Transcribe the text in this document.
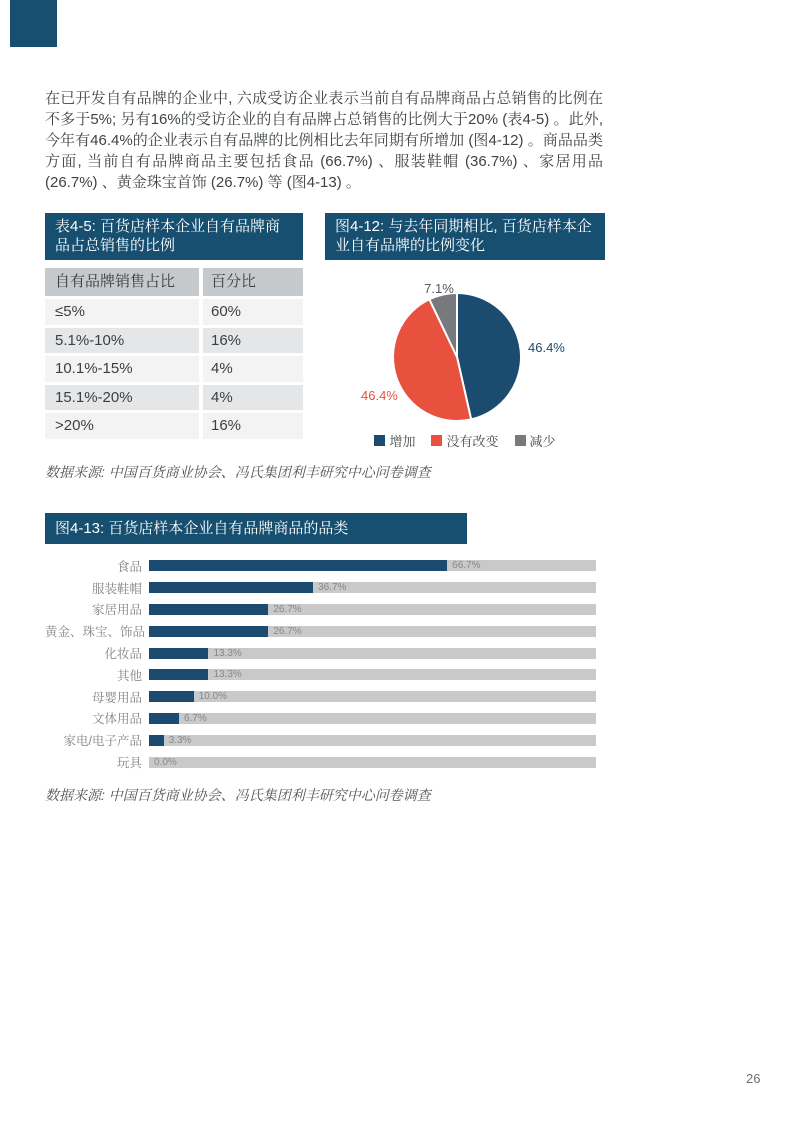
在已开发自有品牌的企业中, 六成受访企业表示当前自有品牌商品占总销售的比例在不多于5%; 另有16%的受访企业的自有品牌占总销售的比例大于20% (表4-5) 。此外, 今年有46.4%的企业表示自有品牌的比例相比去年同期有所增加 (图4-12) 。商品品类方面, 当前自有品牌商品主要包括食品 (66.7%) 、服装鞋帽 (36.7%) 、家居用品 (26.7%) 、黄金珠宝首饰 (26.7%) 等 (图4-13) 。

表4-5: 百货店样本企业自有品牌商品占总销售的比例
自有品牌销售占比	百分比
≤5%	60%
5.1%-10%	16%
10.1%-15%	4%
15.1%-20%	4%
>20%	16%
图4-12: 与去年同期相比, 百货店样本企业自有品牌的比例变化
7.1%
46.4%
46.4%
增加 没有改变 减少

数据来源: 中国百货商业协会、冯氏集团利丰研究中心问卷调查

图4-13: 百货店样本企业自有品牌商品的品类
食品	66.7%
服装鞋帽	36.7%
家居用品	26.7%
黄金、珠宝、饰品	26.7%
化妆品	13.3%
其他	13.3%
母婴用品	10.0%
文体用品	6.7%
家电/电子产品	3.3%
玩具	0.0%

数据来源: 中国百货商业协会、冯氏集团利丰研究中心问卷调查

26
